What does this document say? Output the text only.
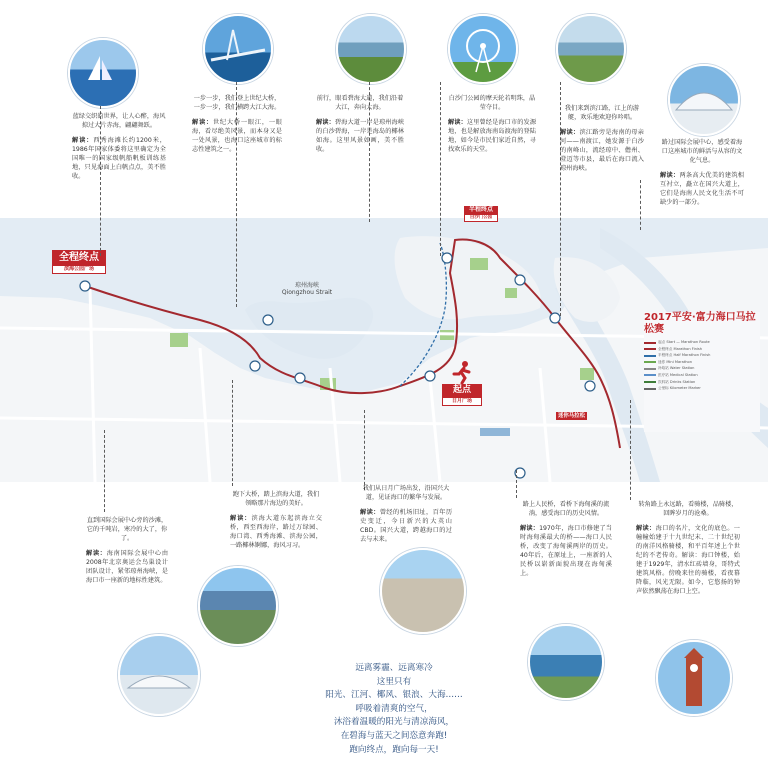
琼州海峡
Qiongzhou Strait
起点
日月广场
全程终点
滨海公园广场
半程终点
白沙门公园
迷你马拉松
2017平安·富力海口马拉松赛
起点 Start — Marathon Route
全程终点 Marathon Finish
半程终点 Half Marathon Finish
迷你 Mini Marathon
补给站 Water Station
医疗站 Medical Station
饮料站 Drinks Station
公里标 Kilometer Marker
蓝绿交织的世界，让人心醉，海风掠过大片赤海，翩翩舞跃。
解读：西秀海滩长约1200米，1986年国家体委将这里确定为全国唯一的国家级帆船帆板训练基地，只见海面上白帆点点，美不胜收。
一步一步，我们登上世纪大桥，一步一步，我们横跨大江大海。
解读：世纪大桥一眼江，一眼海，看尽绝美风景，而本身又是一处风景，也海口这座城市的标志性建筑之一。
前行，眼看碧海大道，我们沿着大江，奔向大海。
解读：碧海大道一岸是琼州海峡的白沙碧海，一岸是海岛的椰林如海。这里风景如画，美不胜收。
白沙门公园的摩天轮若明珠，晶莹夺目。
解读：这里曾经是海口市的发源地，也是解放海南岛渡海的登陆地，如今是市民们家近自然，寻找欢乐的天堂。
我们来到滨江路，江上的游艇，欢乐地欢迎你吟唱。
解读：滨江路旁是海南的母亲河——南渡江，她发源于白沙的南峰山，流经琼中、儋州、澄迈等市县，最后在海口流入琼州海峡。
路过国际会展中心，感受着海口这座城市的鲜活与从容的文化气息。
解读：两条高大优美的建筑相互衬立，矗立在国兴大道上，它们是海南人民文化生活不可缺少的一部分。
直到国际会展中心旁的沙滩，它的千吨岩，寒冷的大了，你了。
解读：海南国际会展中心由2008年北京奥运会鸟巢设计团队设计，紧邻琼州海峡，是海口市一座新的地标性建筑。
跑下大桥，踏上滨海大道，我们领略那片海边的美好。
解读：滨海大道东起滨海立交桥，西至西海岸，路过万绿园、海口湾、西秀海滩、滨海公园，一路椰林婀娜，海风习习。
我们从日月广场出发，沿国兴大道，见证海口的繁华与发展。
解读：曾经的机场旧址，百年历史变迁，今日新兴的大英山CBD。国兴大道，跨越海口的过去与未来。
路上人民桥，看桥下海甸溪的流淌，感受海口的历史风情。
解读：1970年，海口市修建了当时海甸溪最大的桥——海口人民桥，改变了海甸溪两岸的历史。40年后，在原址上，一座新的人民桥以崭新面貌出现在海甸溪上。
转角路上永远路，看骑楼，品骑楼，回眸岁月的沧桑。
解读：海口的名片，文化的底色。一幢幢始建于十九世纪末、二十世纪初的南洋风格骑楼，和平百年述上个世纪的不老传奇。解读：海口钟楼，始建于1929年，清水红砖墙身，哥特式建筑风格。傍晚来往的骑楼，看夜幕降临，风光无限。如今，它悠扬的钟声依然飘荡在海口上空。

远离雾霾、远离寒冷

这里只有

阳光、江河、椰风、银浪、大海……

呼吸着清爽的空气，

沐浴着温暖的阳光与清凉海风，

在碧海与蓝天之间恣意奔跑!

跑向终点，跑向每一天!
